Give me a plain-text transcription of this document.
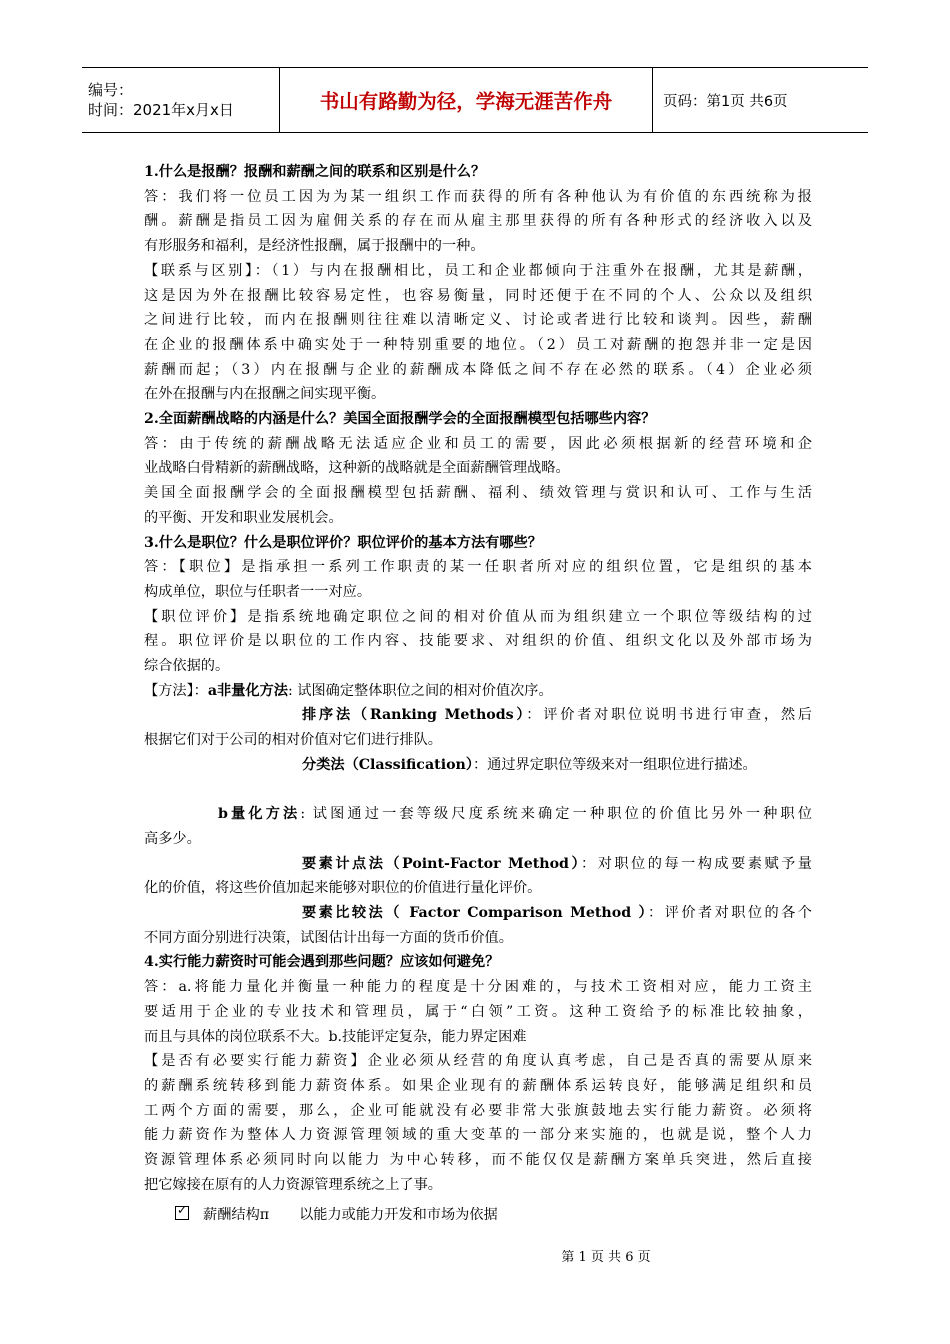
编号：
时间：2021年x月x日	书山有路勤为径，学海无涯苦作舟	页码：第1页 共6页

1.什么是报酬？报酬和薪酬之间的联系和区别是什么？

答：我们将一位员工因为为某一组织工作而获得的所有各种他认为有价值的东西统称为报

酬。薪酬是指员工因为雇佣关系的存在而从雇主那里获得的所有各种形式的经济收入以及

有形服务和福利，是经济性报酬，属于报酬中的一种。

【联系与区别】：（1）与内在报酬相比，员工和企业都倾向于注重外在报酬，尤其是薪酬，

这是因为外在报酬比较容易定性，也容易衡量，同时还便于在不同的个人、公众以及组织

之间进行比较，而内在报酬则往往难以清晰定义、讨论或者进行比较和谈判。因些，薪酬

在企业的报酬体系中确实处于一种特别重要的地位。（2）员工对薪酬的抱怨并非一定是因

薪酬而起；（3）内在报酬与企业的薪酬成本降低之间不存在必然的联系。（4）企业必须

在外在报酬与内在报酬之间实现平衡。

2.全面薪酬战略的内涵是什么？美国全面报酬学会的全面报酬模型包括哪些内容？

答：由于传统的薪酬战略无法适应企业和员工的需要，因此必须根据新的经营环境和企

业战略白骨精新的薪酬战略，这种新的战略就是全面薪酬管理战略。

美国全面报酬学会的全面报酬模型包括薪酬、福利、绩效管理与赏识和认可、工作与生活

的平衡、开发和职业发展机会。

3.什么是职位？什么是职位评价？职位评价的基本方法有哪些？

答：【职位】是指承担一系列工作职责的某一任职者所对应的组织位置，它是组织的基本

构成单位，职位与任职者一一对应。

【职位评价】是指系统地确定职位之间的相对价值从而为组织建立一个职位等级结构的过

程。职位评价是以职位的工作内容、技能要求、对组织的价值、组织文化以及外部市场为

综合依据的。

【方法】：a非量化方法: 试图确定整体职位之间的相对价值次序。

排序法（Ranking Methods）：评价者对职位说明书进行审查，然后

根据它们对于公司的相对价值对它们进行排队。

分类法（Classification）：通过界定职位等级来对一组职位进行描述。

b量化方法: 试图通过一套等级尺度系统来确定一种职位的价值比另外一种职位

高多少。

要素计点法（Point-Factor Method）：对职位的每一构成要素赋予量

化的价值，将这些价值加起来能够对职位的价值进行量化评价。

要素比较法（ Factor Comparison Method ）：评价者对职位的各个

不同方面分别进行决策，试图估计出每一方面的货币价值。

4.实行能力薪资时可能会遇到那些问题？应该如何避免？

答：a.将能力量化并衡量一种能力的程度是十分困难的，与技术工资相对应，能力工资主

要适用于企业的专业技术和管理员，属于“白领”工资。这种工资给予的标准比较抽象，

而且与具体的岗位联系不大。b.技能评定复杂，能力界定困难

【是否有必要实行能力薪资】企业必须从经营的角度认真考虑，自己是否真的需要从原来

的薪酬系统转移到能力薪资体系。如果企业现有的薪酬体系运转良好，能够满足组织和员

工两个方面的需要，那么，企业可能就没有必要非常大张旗鼓地去实行能力薪资。必须将

能力薪资作为整体人力资源管理领域的重大变革的一部分来实施的，也就是说，整个人力

资源管理体系必须同时向以能力 为中心转移，而不能仅仅是薪酬方案单兵突进，然后直接

把它嫁接在原有的人力资源管理系统之上了事。

✓薪酬结构π 以能力或能力开发和市场为依据
第 1 页 共 6 页
